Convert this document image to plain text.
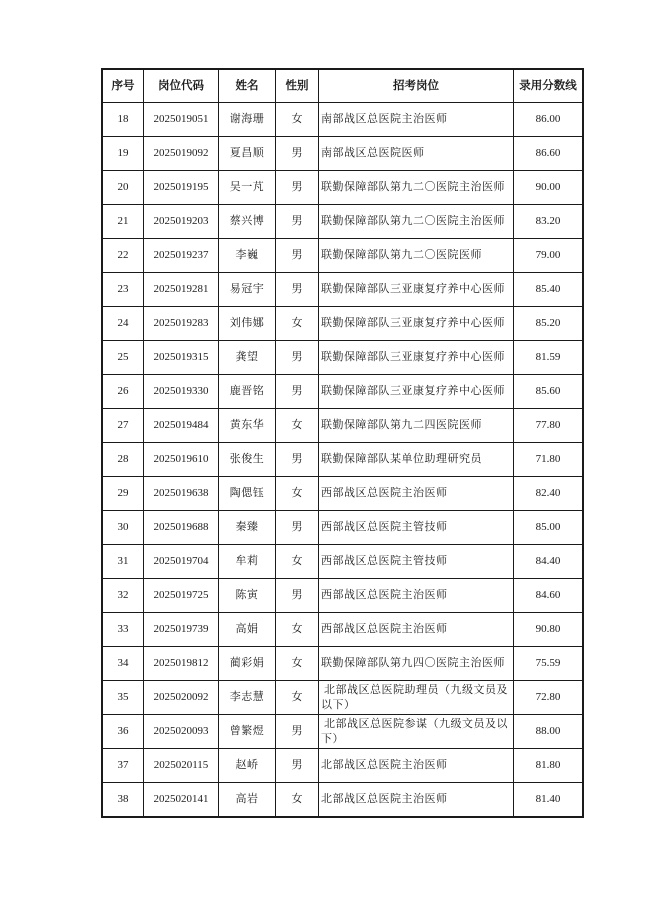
序号	岗位代码	姓名	性别	招考岗位	录用分数线
18	2025019051	谢海珊	女	南部战区总医院主治医师	86.00
19	2025019092	夏昌顺	男	南部战区总医院医师	86.60
20	2025019195	吴一芃	男	联勤保障部队第九二〇医院主治医师	90.00
21	2025019203	蔡兴博	男	联勤保障部队第九二〇医院主治医师	83.20
22	2025019237	李巍	男	联勤保障部队第九二〇医院医师	79.00
23	2025019281	易冠宇	男	联勤保障部队三亚康复疗养中心医师	85.40
24	2025019283	刘伟娜	女	联勤保障部队三亚康复疗养中心医师	85.20
25	2025019315	龚望	男	联勤保障部队三亚康复疗养中心医师	81.59
26	2025019330	鹿晋铭	男	联勤保障部队三亚康复疗养中心医师	85.60
27	2025019484	黄东华	女	联勤保障部队第九二四医院医师	77.80
28	2025019610	张俊生	男	联勤保障部队某单位助理研究员	71.80
29	2025019638	陶偲钰	女	西部战区总医院主治医师	82.40
30	2025019688	秦臻	男	西部战区总医院主管技师	85.00
31	2025019704	牟莉	女	西部战区总医院主管技师	84.40
32	2025019725	陈寅	男	西部战区总医院主治医师	84.60
33	2025019739	高娟	女	西部战区总医院主治医师	90.80
34	2025019812	蔺彩娟	女	联勤保障部队第九四〇医院主治医师	75.59
35	2025020092	李志慧	女	北部战区总医院助理员（九级文员及以下）	72.80
36	2025020093	曾繁煜	男	北部战区总医院参谋（九级文员及以下）	88.00
37	2025020115	赵峤	男	北部战区总医院主治医师	81.80
38	2025020141	高岩	女	北部战区总医院主治医师	81.40
